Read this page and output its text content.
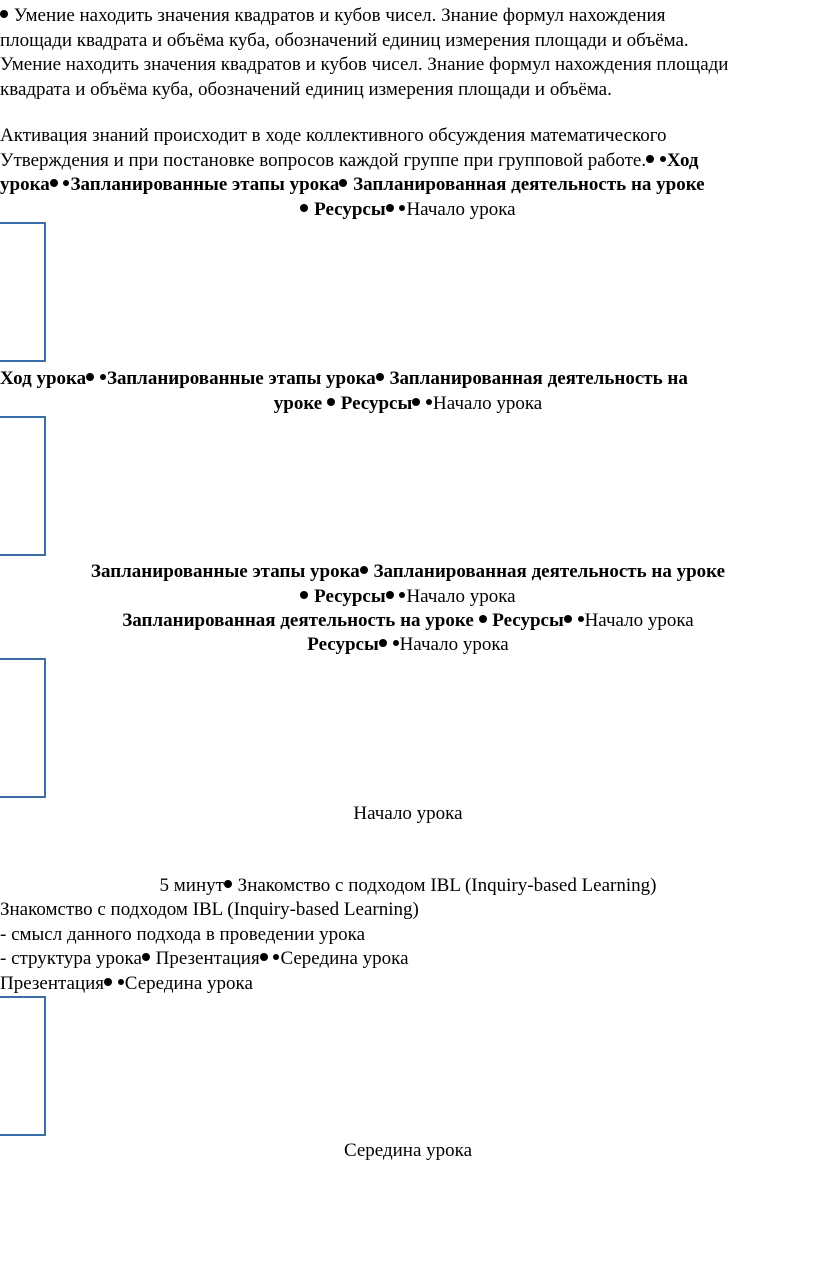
Умение находить значения квадратов и кубов чисел. Знание формул нахождения
площади квадрата и объёма куба, обозначений единиц измерения площади и объёма.
Умение находить значения квадратов и кубов чисел. Знание формул нахождения площади
квадрата и объёма куба, обозначений единиц измерения площади и объёма.
Активация знаний происходит в ходе коллективного обсуждения математического
Утверждения и при постановке вопросов каждой группе при групповой работе. Ход
урока Запланированные этапы урока Запланированная деятельность на уроке
Ресурсы Начало урока
Ход урока Запланированные этапы урока Запланированная деятельность на
уроке Ресурсы Начало урока
Запланированные этапы урока Запланированная деятельность на уроке
Ресурсы Начало урока
Запланированная деятельность на уроке Ресурсы Начало урока
Ресурсы Начало урока
Начало урока
5 минут Знакомство с подходом IBL (Inquiry-based Learning)
Знакомство с подходом IBL (Inquiry-based Learning)
- смысл данного подхода в проведении урока
- структура урока Презентация Середина урока
Презентация Середина урока
Середина урока
